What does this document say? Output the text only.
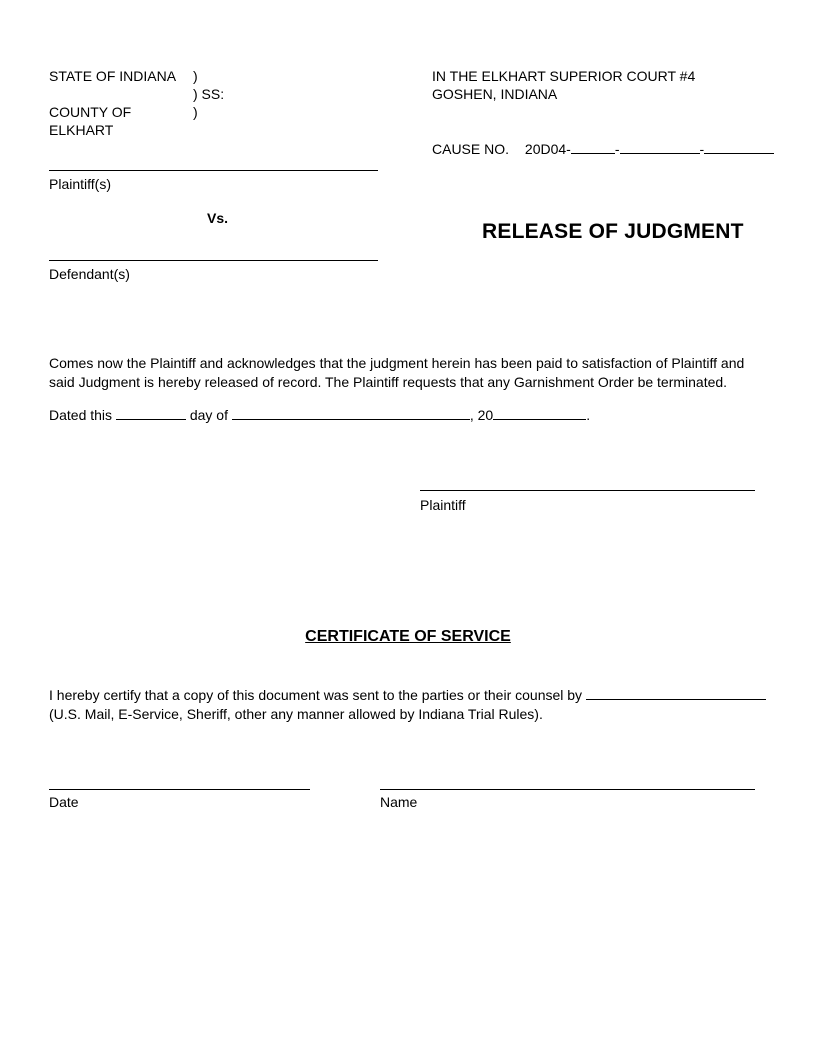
STATE OF INDIANA	)
) SS:
COUNTY OF ELKHART
)
IN THE ELKHART SUPERIOR COURT #4
GOSHEN, INDIANA
CAUSE NO. 20D04-	-	-
Plaintiff(s)
Vs.
RELEASE OF JUDGMENT
Defendant(s)
Comes now the Plaintiff and acknowledges that the judgment herein has been paid to satisfaction of Plaintiff and said Judgment is hereby released of record. The Plaintiff requests that any Garnishment Order be terminated.
Dated this	day of	, 20	.
Plaintiff
CERTIFICATE OF SERVICE
I hereby certify that a copy of this document was sent to the parties or their counsel by
(U.S. Mail, E-Service, Sheriff, other any manner allowed by Indiana Trial Rules).
Date	Name
